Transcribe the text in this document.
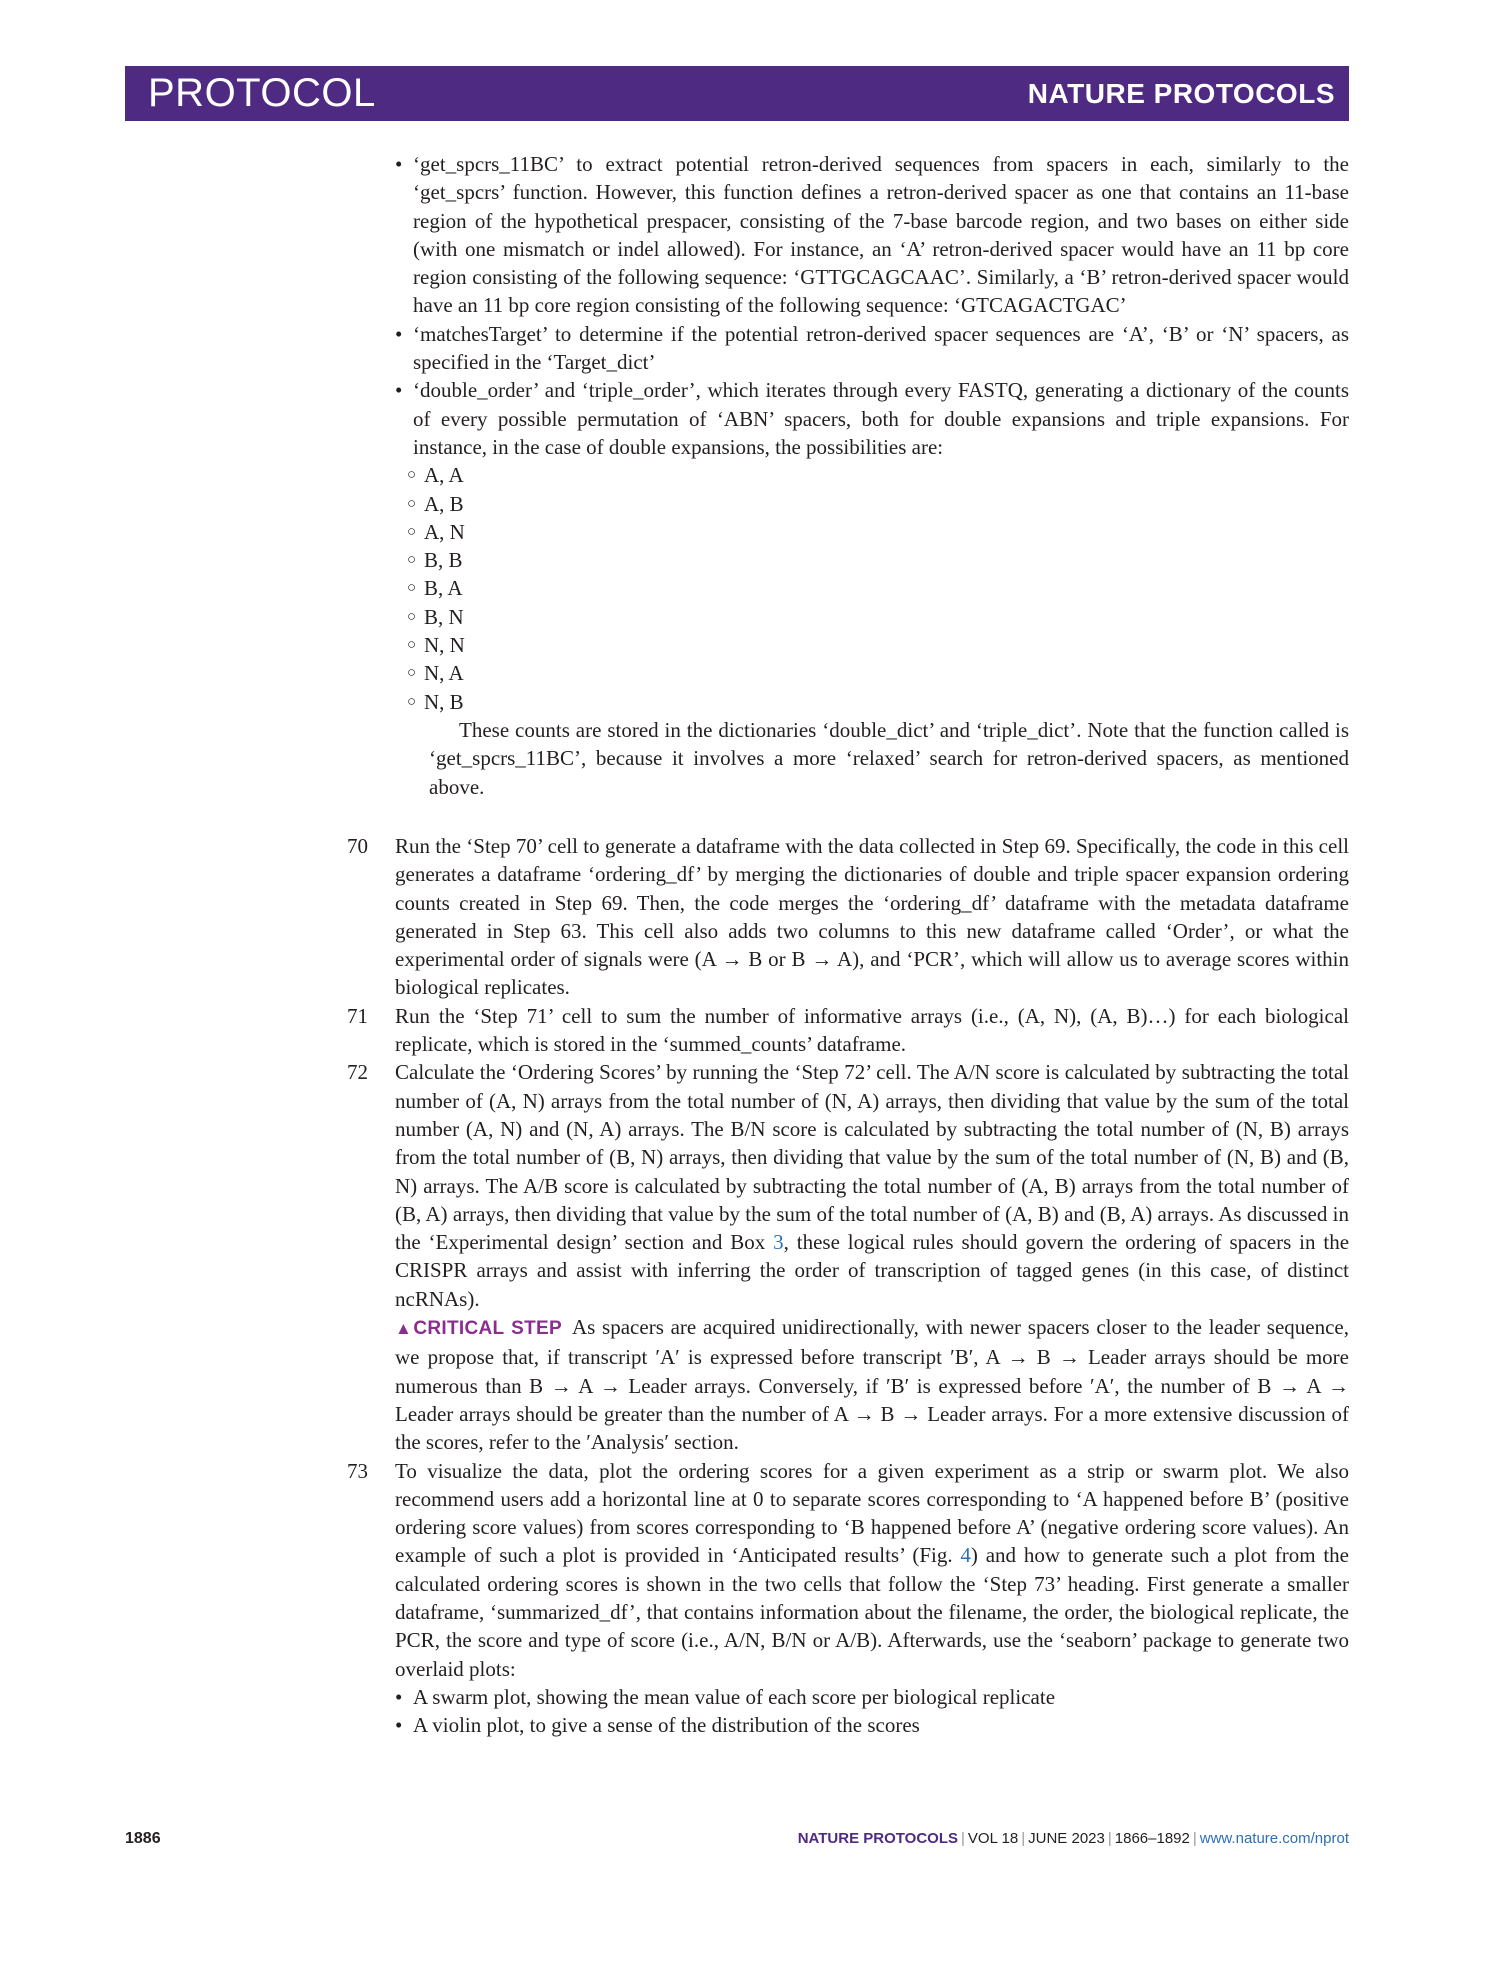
PROTOCOL	NATURE PROTOCOLS
• ‘get_spcrs_11BC’ to extract potential retron-derived sequences from spacers in each, similarly to the ‘get_spcrs’ function. However, this function defines a retron-derived spacer as one that contains an 11-base region of the hypothetical prespacer, consisting of the 7-base barcode region, and two bases on either side (with one mismatch or indel allowed). For instance, an ‘A’ retron-derived spacer would have an 11 bp core region consisting of the following sequence: ‘GTTGCAGCAAC’. Similarly, a ‘B’ retron-derived spacer would have an 11 bp core region consisting of the following sequence: ‘GTCAGACTGAC’
• ‘matchesTarget’ to determine if the potential retron-derived spacer sequences are ‘A’, ‘B’ or ‘N’ spacers, as specified in the ‘Target_dict’
• ‘double_order’ and ‘triple_order’, which iterates through every FASTQ, generating a dictionary of the counts of every possible permutation of ‘ABN’ spacers, both for double expansions and triple expansions. For instance, in the case of double expansions, the possibilities are:
○ A, A
○ A, B
○ A, N
○ B, B
○ B, A
○ B, N
○ N, N
○ N, A
○ N, B
These counts are stored in the dictionaries ‘double_dict’ and ‘triple_dict’. Note that the function called is ‘get_spcrs_11BC’, because it involves a more ‘relaxed’ search for retron-derived spacers, as mentioned above.
70 Run the ‘Step 70’ cell to generate a dataframe with the data collected in Step 69. Specifically, the code in this cell generates a dataframe ‘ordering_df’ by merging the dictionaries of double and triple spacer expansion ordering counts created in Step 69. Then, the code merges the ‘ordering_df’ dataframe with the metadata dataframe generated in Step 63. This cell also adds two columns to this new dataframe called ‘Order’, or what the experimental order of signals were (A → B or B → A), and ‘PCR’, which will allow us to average scores within biological replicates.
71 Run the ‘Step 71’ cell to sum the number of informative arrays (i.e., (A, N), (A, B)…) for each biological replicate, which is stored in the ‘summed_counts’ dataframe.
72 Calculate the ‘Ordering Scores’ by running the ‘Step 72’ cell. The A/N score is calculated by subtracting the total number of (A, N) arrays from the total number of (N, A) arrays, then dividing that value by the sum of the total number (A, N) and (N, A) arrays. The B/N score is calculated by subtracting the total number of (N, B) arrays from the total number of (B, N) arrays, then dividing that value by the sum of the total number of (N, B) and (B, N) arrays. The A/B score is calculated by subtracting the total number of (A, B) arrays from the total number of (B, A) arrays, then dividing that value by the sum of the total number of (A, B) and (B, A) arrays. As discussed in the ‘Experimental design’ section and Box 3, these logical rules should govern the ordering of spacers in the CRISPR arrays and assist with inferring the order of transcription of tagged genes (in this case, of distinct ncRNAs).
▲CRITICAL STEP As spacers are acquired unidirectionally, with newer spacers closer to the leader sequence, we propose that, if transcript ʹAʹ is expressed before transcript ʹBʹ, A → B → Leader arrays should be more numerous than B → A → Leader arrays. Conversely, if ʹBʹ is expressed before ʹAʹ, the number of B → A → Leader arrays should be greater than the number of A → B → Leader arrays. For a more extensive discussion of the scores, refer to the ʹAnalysisʹ section.
73 To visualize the data, plot the ordering scores for a given experiment as a strip or swarm plot. We also recommend users add a horizontal line at 0 to separate scores corresponding to ‘A happened before B’ (positive ordering score values) from scores corresponding to ‘B happened before A’ (negative ordering score values). An example of such a plot is provided in ‘Anticipated results’ (Fig. 4) and how to generate such a plot from the calculated ordering scores is shown in the two cells that follow the ‘Step 73’ heading. First generate a smaller dataframe, ‘summarized_df’, that contains information about the filename, the order, the biological replicate, the PCR, the score and type of score (i.e., A/N, B/N or A/B). Afterwards, use the ‘seaborn’ package to generate two overlaid plots:
• A swarm plot, showing the mean value of each score per biological replicate
• A violin plot, to give a sense of the distribution of the scores
1886	NATURE PROTOCOLS | VOL 18 | JUNE 2023 | 1866–1892 | www.nature.com/nprot
